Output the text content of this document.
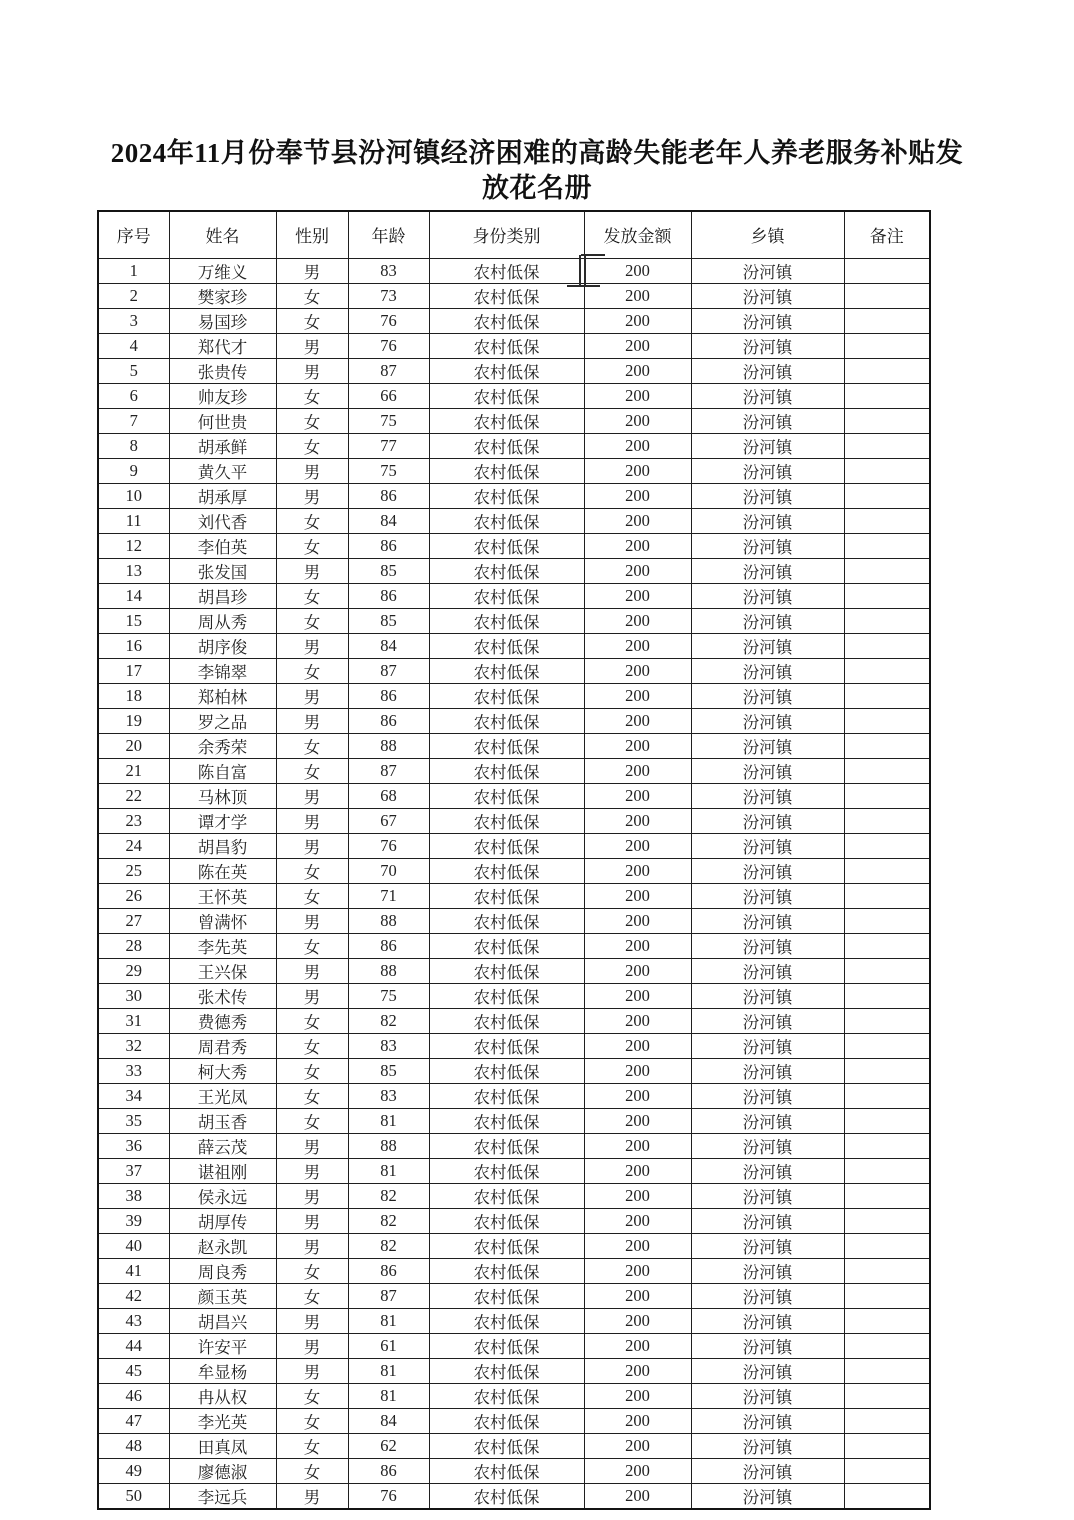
2024年11月份奉节县汾河镇经济困难的高龄失能老年人养老服务补贴发
放花名册
序号	姓名	性别	年龄	身份类别	发放金额	乡镇	备注
1	万维义	男	83	农村低保	200	汾河镇	
2	樊家珍	女	73	农村低保	200	汾河镇	
3	易国珍	女	76	农村低保	200	汾河镇	
4	郑代才	男	76	农村低保	200	汾河镇	
5	张贵传	男	87	农村低保	200	汾河镇	
6	帅友珍	女	66	农村低保	200	汾河镇	
7	何世贵	女	75	农村低保	200	汾河镇	
8	胡承鲜	女	77	农村低保	200	汾河镇	
9	黄久平	男	75	农村低保	200	汾河镇	
10	胡承厚	男	86	农村低保	200	汾河镇	
11	刘代香	女	84	农村低保	200	汾河镇	
12	李伯英	女	86	农村低保	200	汾河镇	
13	张发国	男	85	农村低保	200	汾河镇	
14	胡昌珍	女	86	农村低保	200	汾河镇	
15	周从秀	女	85	农村低保	200	汾河镇	
16	胡序俊	男	84	农村低保	200	汾河镇	
17	李锦翠	女	87	农村低保	200	汾河镇	
18	郑柏林	男	86	农村低保	200	汾河镇	
19	罗之品	男	86	农村低保	200	汾河镇	
20	余秀荣	女	88	农村低保	200	汾河镇	
21	陈自富	女	87	农村低保	200	汾河镇	
22	马林顶	男	68	农村低保	200	汾河镇	
23	谭才学	男	67	农村低保	200	汾河镇	
24	胡昌豹	男	76	农村低保	200	汾河镇	
25	陈在英	女	70	农村低保	200	汾河镇	
26	王怀英	女	71	农村低保	200	汾河镇	
27	曾满怀	男	88	农村低保	200	汾河镇	
28	李先英	女	86	农村低保	200	汾河镇	
29	王兴保	男	88	农村低保	200	汾河镇	
30	张术传	男	75	农村低保	200	汾河镇	
31	费德秀	女	82	农村低保	200	汾河镇	
32	周君秀	女	83	农村低保	200	汾河镇	
33	柯大秀	女	85	农村低保	200	汾河镇	
34	王光凤	女	83	农村低保	200	汾河镇	
35	胡玉香	女	81	农村低保	200	汾河镇	
36	薛云茂	男	88	农村低保	200	汾河镇	
37	谌祖刚	男	81	农村低保	200	汾河镇	
38	侯永远	男	82	农村低保	200	汾河镇	
39	胡厚传	男	82	农村低保	200	汾河镇	
40	赵永凯	男	82	农村低保	200	汾河镇	
41	周良秀	女	86	农村低保	200	汾河镇	
42	颜玉英	女	87	农村低保	200	汾河镇	
43	胡昌兴	男	81	农村低保	200	汾河镇	
44	许安平	男	61	农村低保	200	汾河镇	
45	牟显杨	男	81	农村低保	200	汾河镇	
46	冉从权	女	81	农村低保	200	汾河镇	
47	李光英	女	84	农村低保	200	汾河镇	
48	田真凤	女	62	农村低保	200	汾河镇	
49	廖德淑	女	86	农村低保	200	汾河镇	
50	李远兵	男	76	农村低保	200	汾河镇	
